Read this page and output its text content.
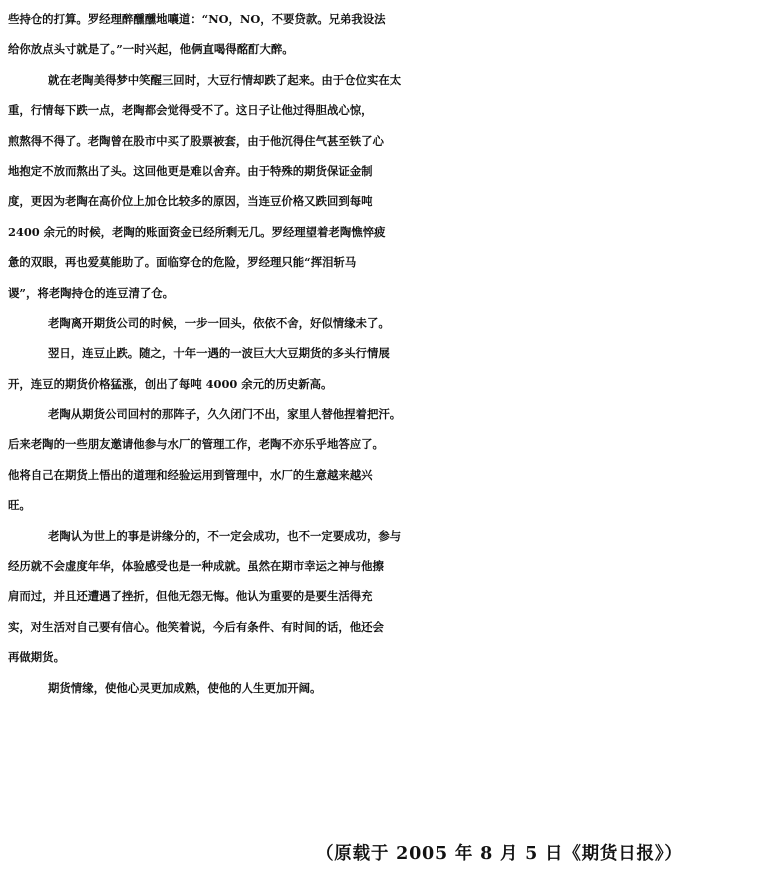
些持仓的打算。罗经理醉醺醺地嚷道：“NO，NO，不要贷款。兄弟我设法
给你放点头寸就是了。”一时兴起，他俩直喝得酩酊大醉。
就在老陶美得梦中笑醒三回时，大豆行情却跌了起来。由于仓位实在太
重，行情每下跌一点，老陶都会觉得受不了。这日子让他过得胆战心惊，
煎熬得不得了。老陶曾在股市中买了股票被套，由于他沉得住气甚至铁了心
地抱定不放而熬出了头。这回他更是难以舍弃。由于特殊的期货保证金制
度，更因为老陶在高价位上加仓比较多的原因，当连豆价格又跌回到每吨
2400 余元的时候，老陶的账面资金已经所剩无几。罗经理望着老陶憔悴疲
惫的双眼，再也爱莫能助了。面临穿仓的危险，罗经理只能“挥泪斩马
谡”，将老陶持仓的连豆清了仓。
老陶离开期货公司的时候，一步一回头，依依不舍，好似情缘未了。
翌日，连豆止跌。随之，十年一遇的一波巨大大豆期货的多头行情展
开，连豆的期货价格猛涨，创出了每吨 4000 余元的历史新高。
老陶从期货公司回村的那阵子，久久闭门不出，家里人替他捏着把汗。
后来老陶的一些朋友邀请他参与水厂的管理工作，老陶不亦乐乎地答应了。
他将自己在期货上悟出的道理和经验运用到管理中，水厂的生意越来越兴
旺。
老陶认为世上的事是讲缘分的，不一定会成功，也不一定要成功，参与
经历就不会虚度年华，体验感受也是一种成就。虽然在期市幸运之神与他擦
肩而过，并且还遭遇了挫折，但他无怨无悔。他认为重要的是要生活得充
实，对生活对自己要有信心。他笑着说，今后有条件、有时间的话，他还会
再做期货。
期货情缘，使他心灵更加成熟，使他的人生更加开阔。
（原载于 2005 年 8 月 5 日《期货日报》）
